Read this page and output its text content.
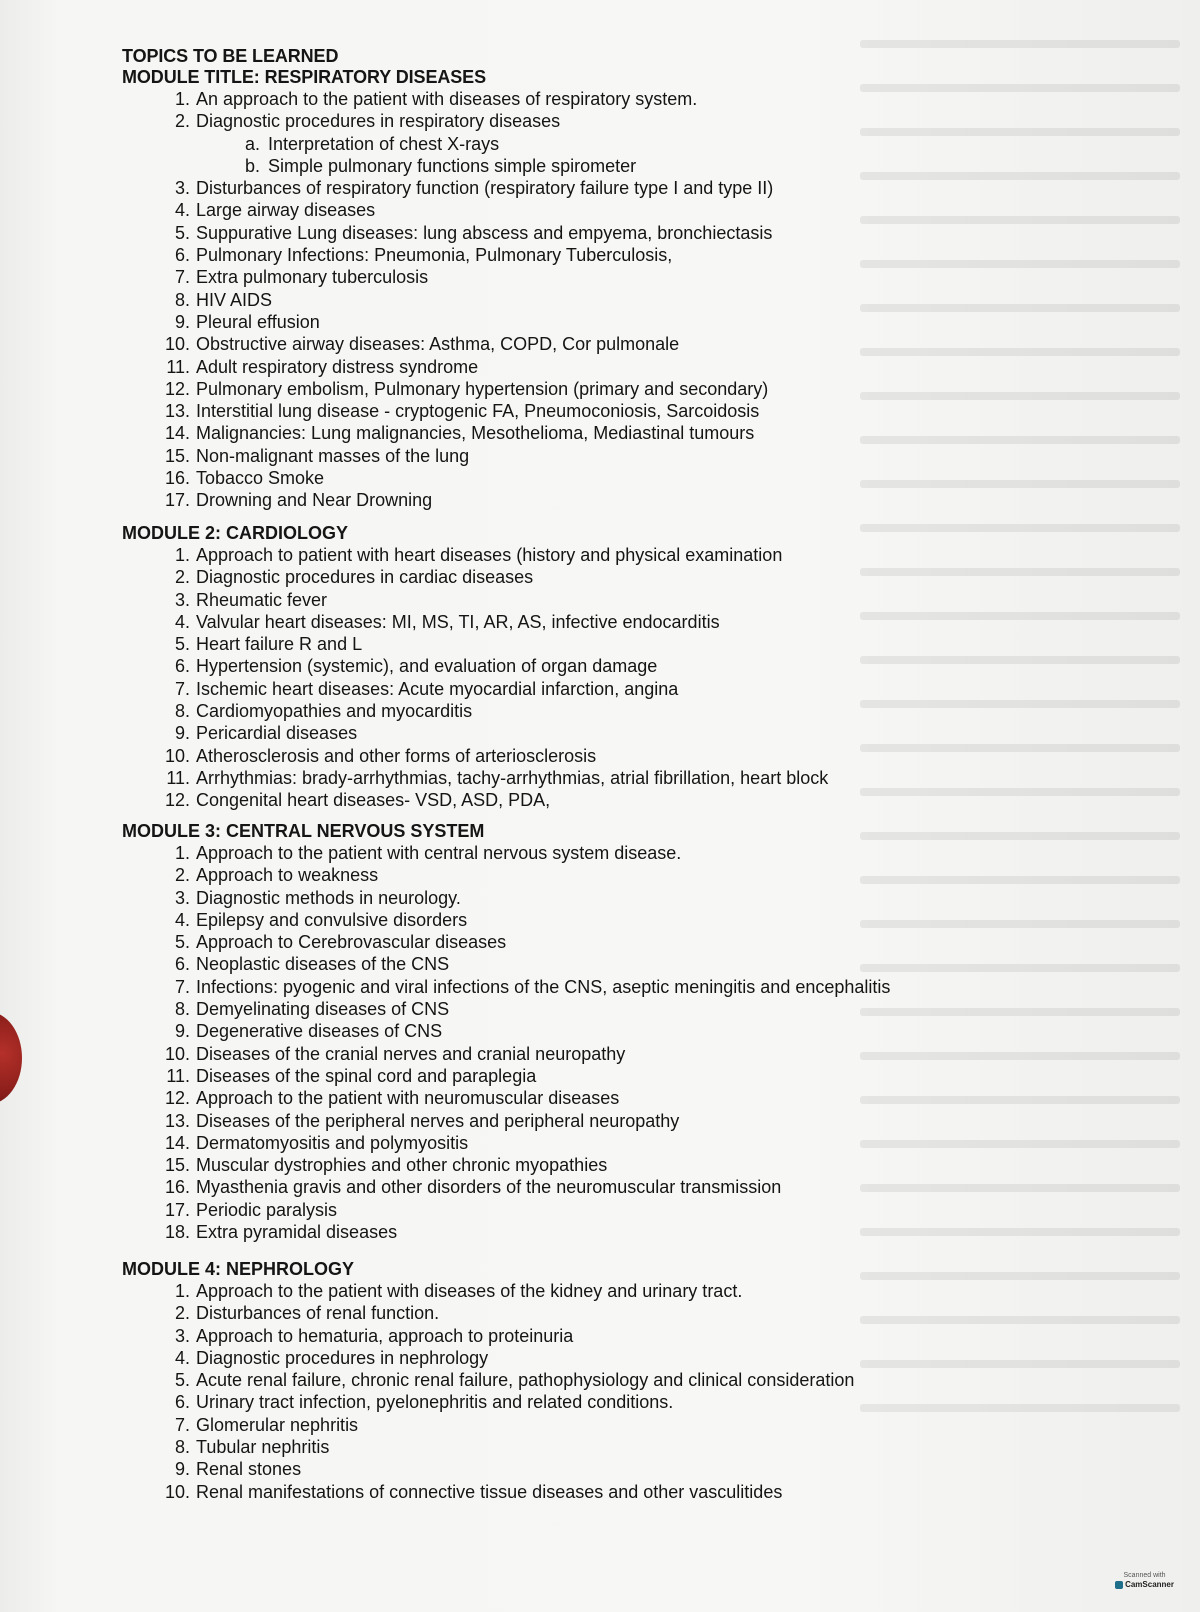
TOPICS TO BE LEARNED

MODULE TITLE: RESPIRATORY DISEASES

1. An approach to the patient with diseases of respiratory system.
2. Diagnostic procedures in respiratory diseases
a. Interpretation of chest X-rays
b. Simple pulmonary functions simple spirometer
3. Disturbances of respiratory function (respiratory failure type I and type II)
4. Large airway diseases
5. Suppurative Lung diseases: lung abscess and empyema, bronchiectasis
6. Pulmonary Infections: Pneumonia, Pulmonary Tuberculosis,
7. Extra pulmonary tuberculosis
8. HIV AIDS
9. Pleural effusion
10. Obstructive airway diseases: Asthma, COPD, Cor pulmonale
11. Adult respiratory distress syndrome
12. Pulmonary embolism, Pulmonary hypertension (primary and secondary)
13. Interstitial lung disease - cryptogenic FA, Pneumoconiosis, Sarcoidosis
14. Malignancies: Lung malignancies, Mesothelioma, Mediastinal tumours
15. Non-malignant masses of the lung
16. Tobacco Smoke
17. Drowning and Near Drowning

MODULE 2: CARDIOLOGY

1. Approach to patient with heart diseases (history and physical examination
2. Diagnostic procedures in cardiac diseases
3. Rheumatic fever
4. Valvular heart diseases: MI, MS, TI, AR, AS, infective endocarditis
5. Heart failure R and L
6. Hypertension (systemic), and evaluation of organ damage
7. Ischemic heart diseases: Acute myocardial infarction, angina
8. Cardiomyopathies and myocarditis
9. Pericardial diseases
10. Atherosclerosis and other forms of arteriosclerosis
11. Arrhythmias: brady-arrhythmias, tachy-arrhythmias, atrial fibrillation, heart block
12. Congenital heart diseases- VSD, ASD, PDA,

MODULE 3: CENTRAL NERVOUS SYSTEM

1. Approach to the patient with central nervous system disease.
2. Approach to weakness
3. Diagnostic methods in neurology.
4. Epilepsy and convulsive disorders
5. Approach to Cerebrovascular diseases
6. Neoplastic diseases of the CNS
7. Infections: pyogenic and viral infections of the CNS, aseptic meningitis and encephalitis
8. Demyelinating diseases of CNS
9. Degenerative diseases of CNS
10. Diseases of the cranial nerves and cranial neuropathy
11. Diseases of the spinal cord and paraplegia
12. Approach to the patient with neuromuscular diseases
13. Diseases of the peripheral nerves and peripheral neuropathy
14. Dermatomyositis and polymyositis
15. Muscular dystrophies and other chronic myopathies
16. Myasthenia gravis and other disorders of the neuromuscular transmission
17. Periodic paralysis
18. Extra pyramidal diseases

MODULE 4: NEPHROLOGY

1. Approach to the patient with diseases of the kidney and urinary tract.
2. Disturbances of renal function.
3. Approach to hematuria, approach to proteinuria
4. Diagnostic procedures in nephrology
5. Acute renal failure, chronic renal failure, pathophysiology and clinical consideration
6. Urinary tract infection, pyelonephritis and related conditions.
7. Glomerular nephritis
8. Tubular nephritis
9. Renal stones
10. Renal manifestations of connective tissue diseases and other vasculitides
Scanned with
CamScanner
